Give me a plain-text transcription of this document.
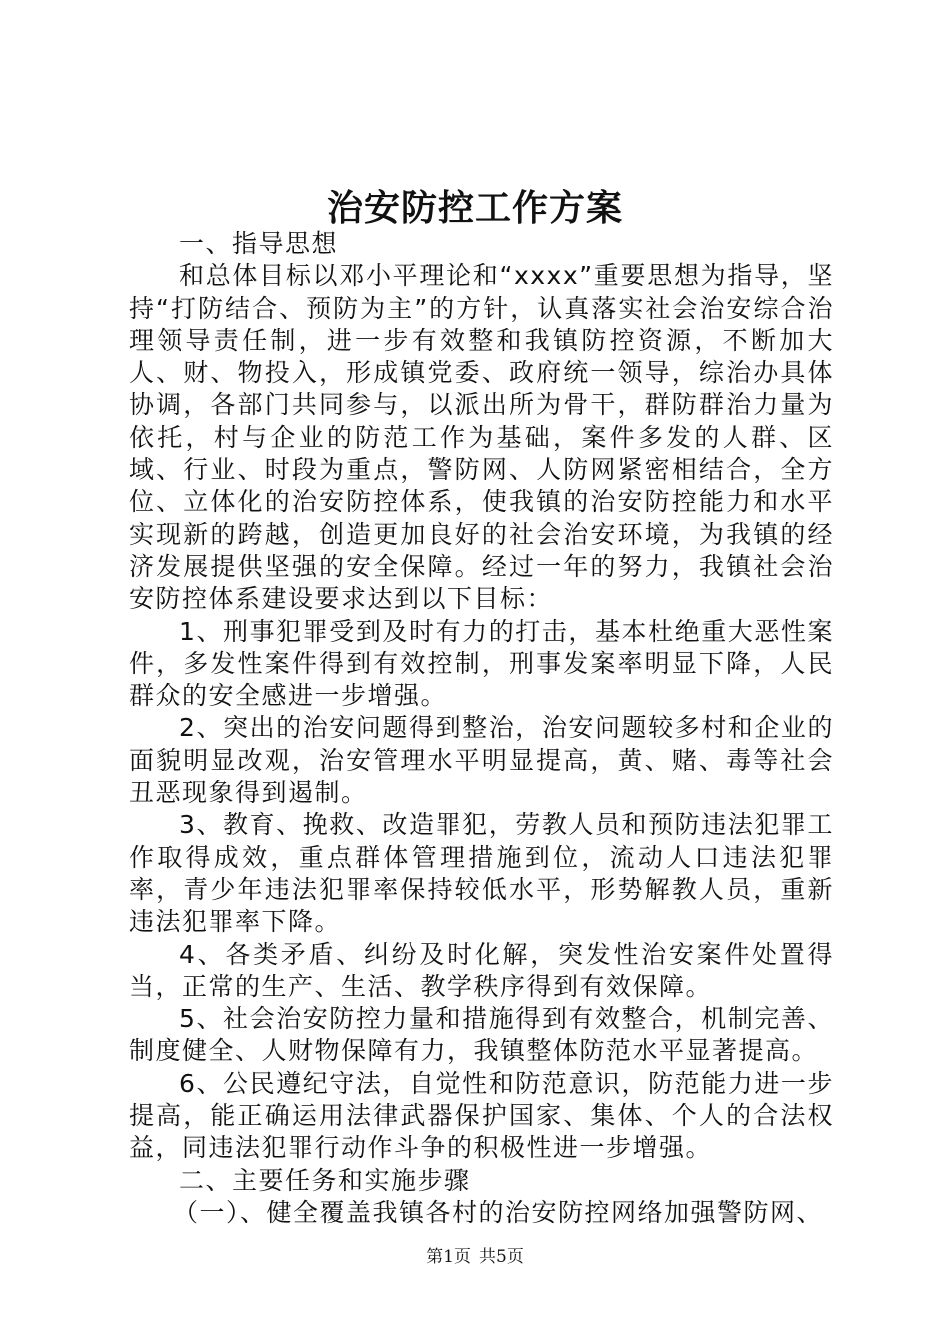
治安防控工作方案

一、指导思想

和总体目标以邓小平理论和“xxxx”重要思想为指导，坚持“打防结合、预防为主”的方针，认真落实社会治安综合治理领导责任制，进一步有效整和我镇防控资源，不断加大人、财、物投入，形成镇党委、政府统一领导，综治办具体协调，各部门共同参与，以派出所为骨干，群防群治力量为依托，村与企业的防范工作为基础，案件多发的人群、区域、行业、时段为重点，警防网、人防网紧密相结合，全方位、立体化的治安防控体系，使我镇的治安防控能力和水平实现新的跨越，创造更加良好的社会治安环境，为我镇的经济发展提供坚强的安全保障。经过一年的努力，我镇社会治安防控体系建设要求达到以下目标：

1、刑事犯罪受到及时有力的打击，基本杜绝重大恶性案件，多发性案件得到有效控制，刑事发案率明显下降，人民群众的安全感进一步增强。

2、突出的治安问题得到整治，治安问题较多村和企业的面貌明显改观，治安管理水平明显提高，黄、赌、毒等社会丑恶现象得到遏制。

3、教育、挽救、改造罪犯，劳教人员和预防违法犯罪工作取得成效，重点群体管理措施到位，流动人口违法犯罪率，青少年违法犯罪率保持较低水平，形势解教人员，重新违法犯罪率下降。

4、各类矛盾、纠纷及时化解，突发性治安案件处置得当，正常的生产、生活、教学秩序得到有效保障。

5、社会治安防控力量和措施得到有效整合，机制完善、制度健全、人财物保障有力，我镇整体防范水平显著提高。

6、公民遵纪守法，自觉性和防范意识，防范能力进一步提高，能正确运用法律武器保护国家、集体、个人的合法权益，同违法犯罪行动作斗争的积极性进一步增强。

二、主要任务和实施步骤

（一）、健全覆盖我镇各村的治安防控网络加强警防网、

第1页 共5页
